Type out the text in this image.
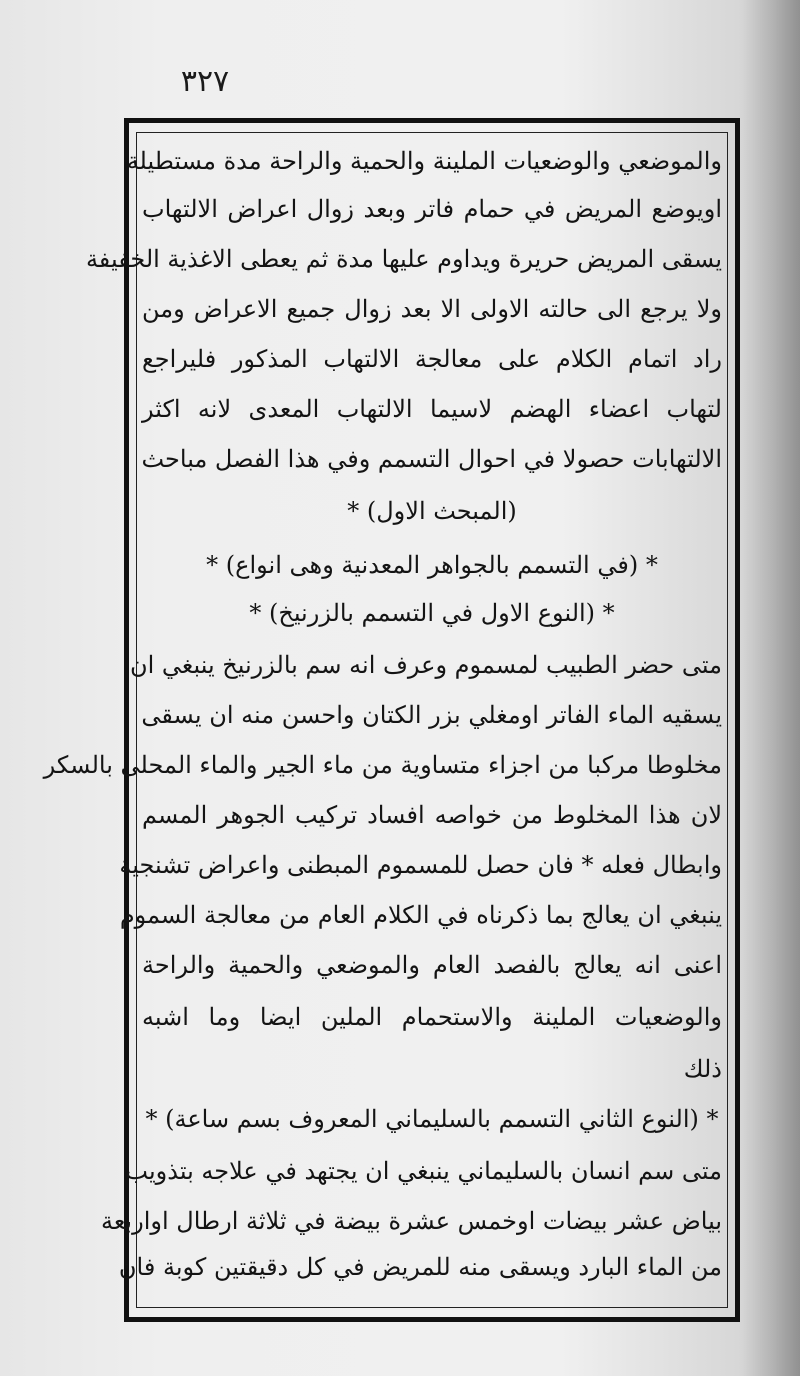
٣٢٧
والموضعي والوضعيات الملينة والحمية والراحة مدة مستطيلة
اويوضع المريض في حمام فاتر وبعد زوال اعراض الالتهاب
يسقى المريض حريرة ويداوم عليها مدة ثم يعطى الاغذية الخفيفة
ولا يرجع الى حالته الاولى الا بعد زوال جميع الاعراض ومن
راد اتمام الكلام على معالجة الالتهاب المذكور فليراجع
لتهاب اعضاء الهضم لاسيما الالتهاب المعدى لانه اكثر
الالتهابات حصولا في احوال التسمم وفي هذا الفصل مباحث
(المبحث الاول) *
* (في التسمم بالجواهر المعدنية وهى انواع) *
* (النوع الاول في التسمم بالزرنيخ) *
متى حضر الطبيب لمسموم وعرف انه سم بالزرنيخ ينبغي ان
يسقيه الماء الفاتر اومغلي بزر الكتان واحسن منه ان يسقى
مخلوطا مركبا من اجزاء متساوية من ماء الجير والماء المحلى بالسكر
لان هذا المخلوط من خواصه افساد تركيب الجوهر المسم
وابطال فعله * فان حصل للمسموم المبطنى واعراض تشنجية
ينبغي ان يعالج بما ذكرناه في الكلام العام من معالجة السموم
اعنى انه يعالج بالفصد العام والموضعي والحمية والراحة
والوضعيات الملينة والاستحمام الملين ايضا وما اشبه
ذلك
* (النوع الثاني التسمم بالسليماني المعروف بسم ساعة) *
متى سم انسان بالسليماني ينبغي ان يجتهد في علاجه بتذويب
بياض عشر بيضات اوخمس عشرة بيضة في ثلاثة ارطال اواربعة
من الماء البارد ويسقى منه للمريض في كل دقيقتين كوبة فان
